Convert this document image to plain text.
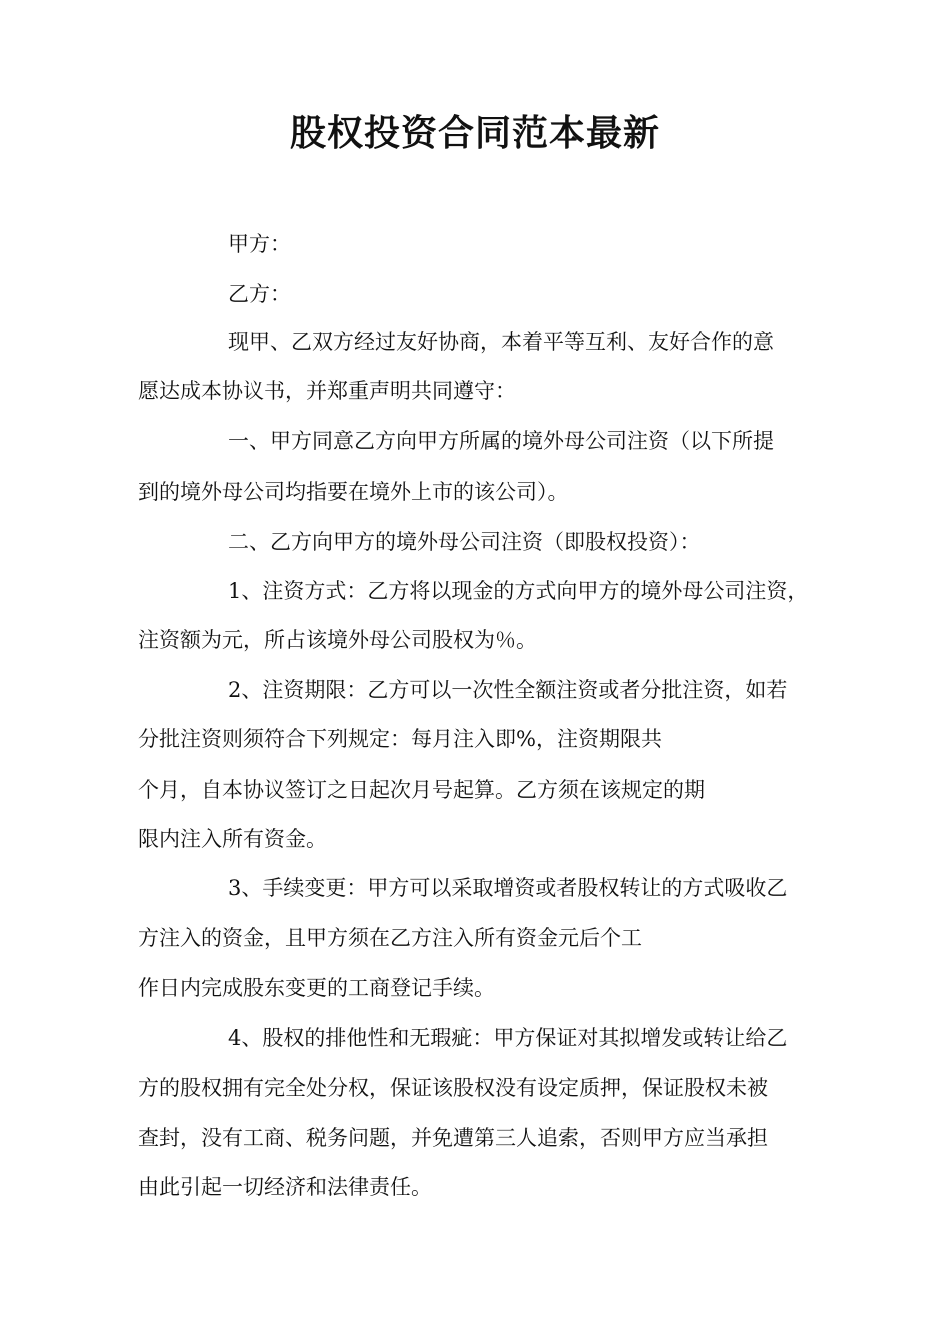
股权投资合同范本最新
甲方：
乙方：
现甲、乙双方经过友好协商，本着平等互利、友好合作的意
愿达成本协议书，并郑重声明共同遵守：
一、甲方同意乙方向甲方所属的境外母公司注资（以下所提
到的境外母公司均指要在境外上市的该公司）。
二、乙方向甲方的境外母公司注资（即股权投资）：
1、注资方式：乙方将以现金的方式向甲方的境外母公司注资，
注资额为元，所占该境外母公司股权为％。
2、注资期限：乙方可以一次性全额注资或者分批注资，如若
分批注资则须符合下列规定：每月注入即%，注资期限共
个月，自本协议签订之日起次月号起算。乙方须在该规定的期
限内注入所有资金。
3、手续变更：甲方可以采取增资或者股权转让的方式吸收乙
方注入的资金，且甲方须在乙方注入所有资金元后个工
作日内完成股东变更的工商登记手续。
4、股权的排他性和无瑕疵：甲方保证对其拟增发或转让给乙
方的股权拥有完全处分权，保证该股权没有设定质押，保证股权未被
查封，没有工商、税务问题，并免遭第三人追索，否则甲方应当承担
由此引起一切经济和法律责任。
